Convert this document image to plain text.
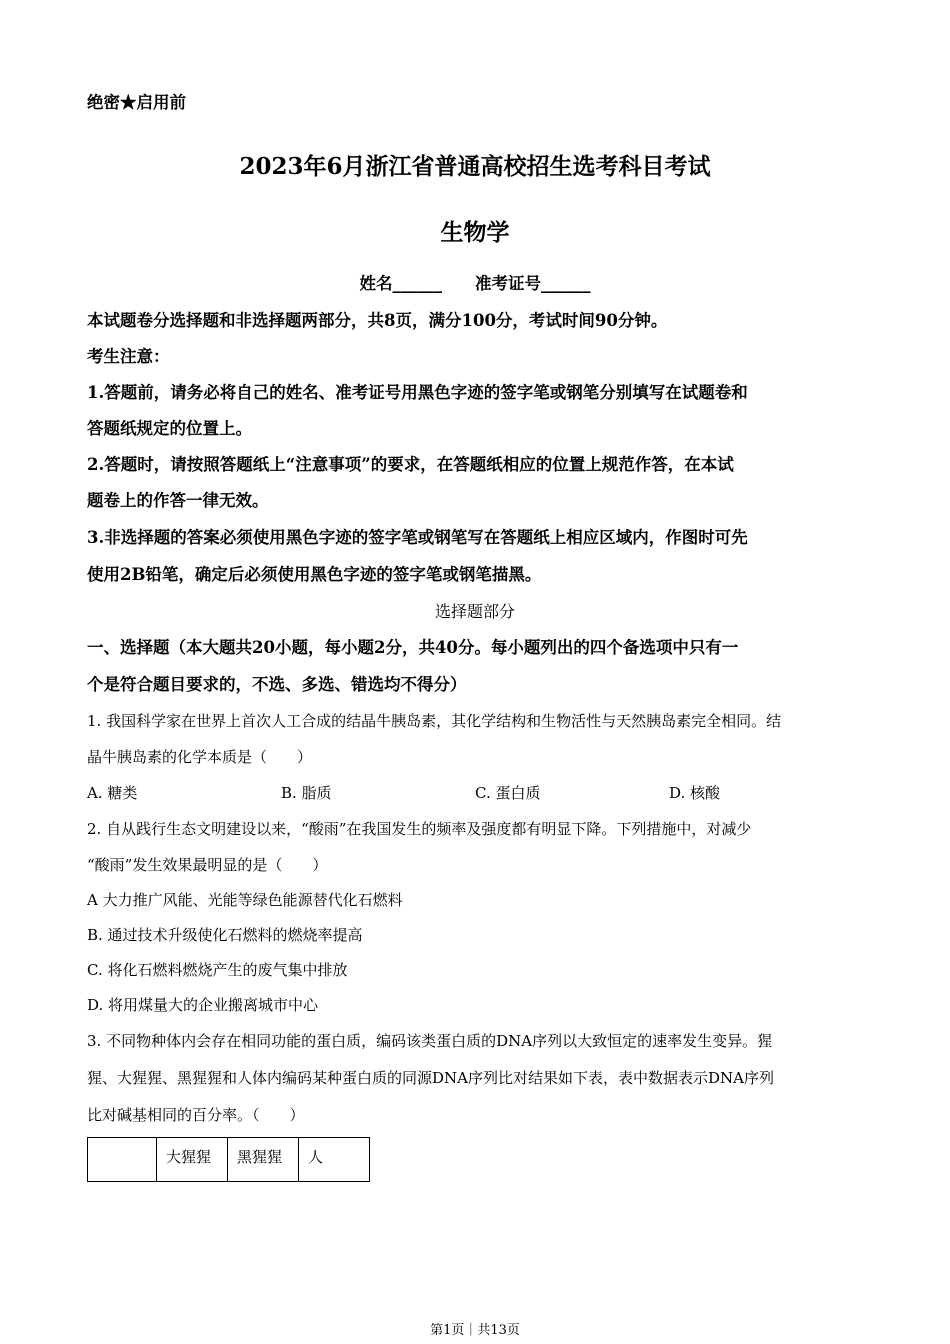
绝密★启用前
2023年6月浙江省普通高校招生选考科目考试
生物学
姓名______　　准考证号______
本试题卷分选择题和非选择题两部分，共8页，满分100分，考试时间90分钟。
考生注意：
1.答题前，请务必将自己的姓名、准考证号用黑色字迹的签字笔或钢笔分别填写在试题卷和
答题纸规定的位置上。
2.答题时，请按照答题纸上“注意事项”的要求，在答题纸相应的位置上规范作答，在本试
题卷上的作答一律无效。
3.非选择题的答案必须使用黑色字迹的签字笔或钢笔写在答题纸上相应区域内，作图时可先
使用2B铅笔，确定后必须使用黑色字迹的签字笔或钢笔描黑。
选择题部分
一、选择题（本大题共20小题，每小题2分，共40分。每小题列出的四个备选项中只有一
个是符合题目要求的，不选、多选、错选均不得分）
1. 我国科学家在世界上首次人工合成的结晶牛胰岛素，其化学结构和生物活性与天然胰岛素完全相同。结
晶牛胰岛素的化学本质是（　　）
A. 糖类	B. 脂质	C. 蛋白质	D. 核酸
2. 自从践行生态文明建设以来，“酸雨”在我国发生的频率及强度都有明显下降。下列措施中，对减少
“酸雨”发生效果最明显的是（　　）
A 大力推广风能、光能等绿色能源替代化石燃料
B. 通过技术升级使化石燃料的燃烧率提高
C. 将化石燃料燃烧产生的废气集中排放
D. 将用煤量大的企业搬离城市中心
3. 不同物种体内会存在相同功能的蛋白质，编码该类蛋白质的DNA序列以大致恒定的速率发生变异。猩
猩、大猩猩、黑猩猩和人体内编码某种蛋白质的同源DNA序列比对结果如下表，表中数据表示DNA序列
比对碱基相同的百分率。（　　）
	大猩猩	黑猩猩	人
第1页｜共13页
